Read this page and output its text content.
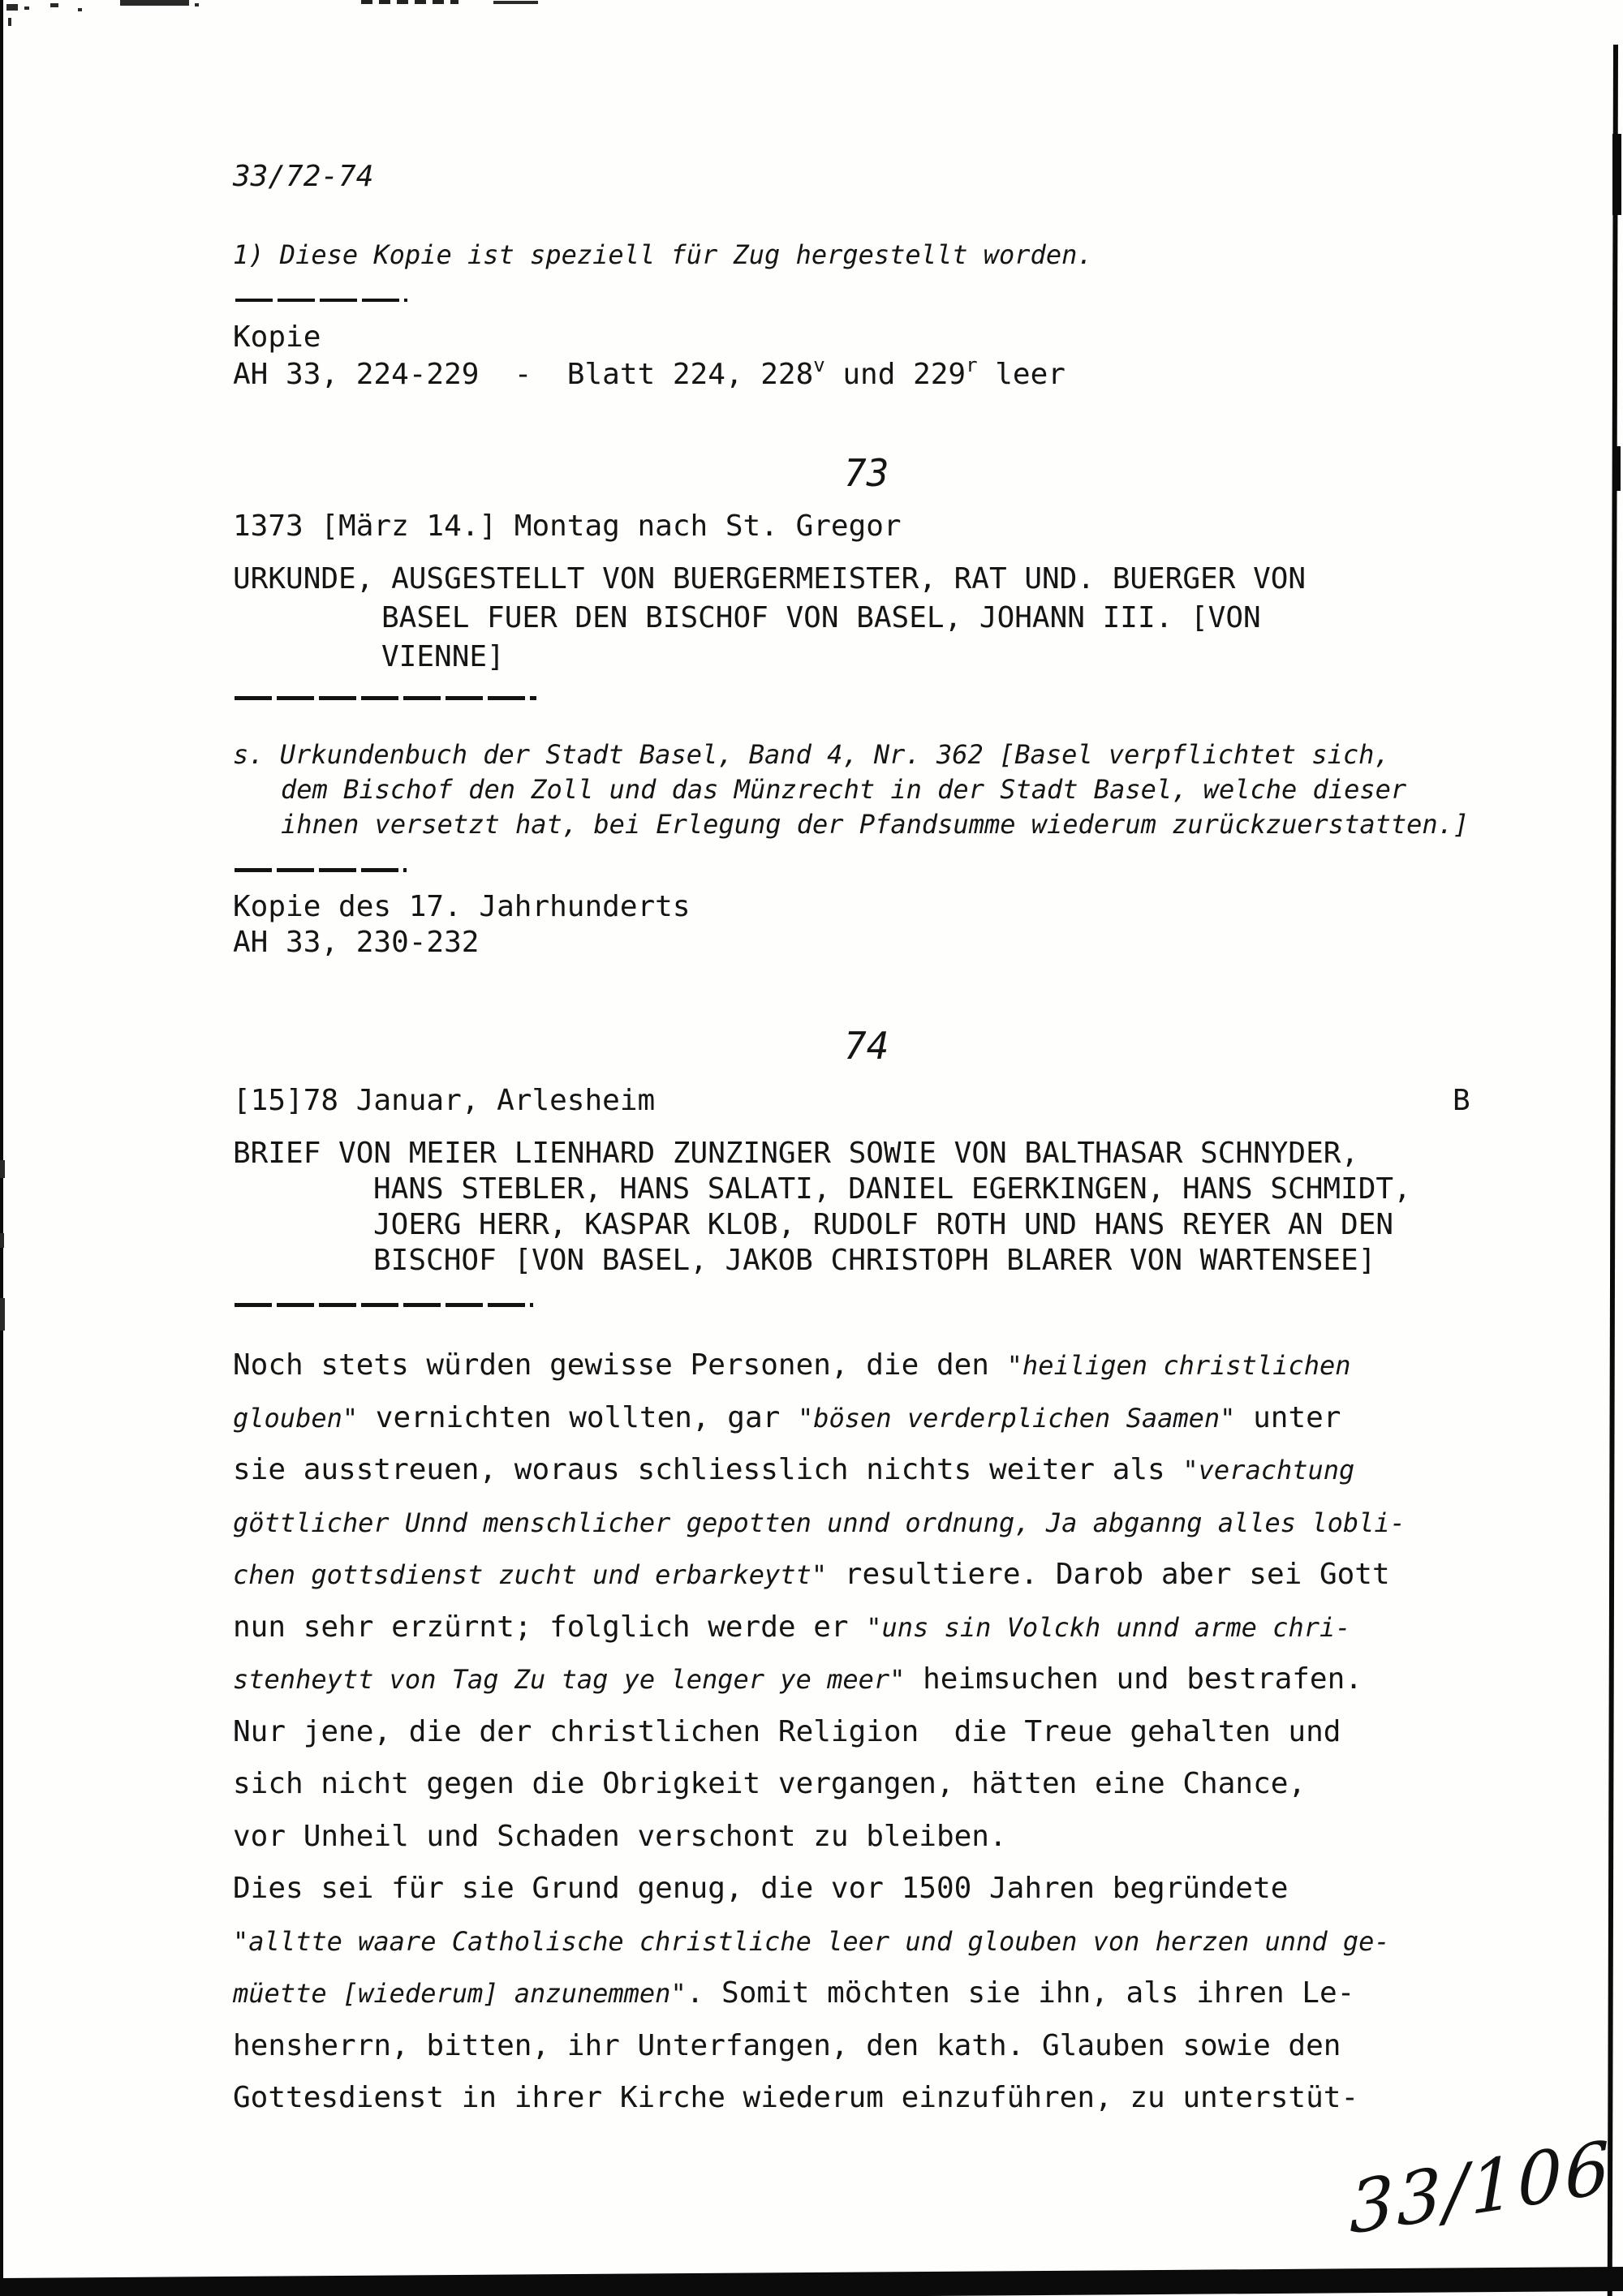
33/72-74
1) Diese Kopie ist speziell für Zug hergestellt worden.
Kopie
AH 33, 224-229  -  Blatt 224, 228$^v$ und 229$^r$ leer
73
1373 [März 14.] Montag nach St. Gregor
URKUNDE, AUSGESTELLT VON BUERGERMEISTER, RAT UND. BUERGER VON
BASEL FUER DEN BISCHOF VON BASEL, JOHANN III. [VON
VIENNE]
s. Urkundenbuch der Stadt Basel, Band 4, Nr. 362 [Basel verpflichtet sich,
dem Bischof den Zoll und das Münzrecht in der Stadt Basel, welche dieser
ihnen versetzt hat, bei Erlegung der Pfandsumme wiederum zurückzuerstatten.]
Kopie des 17. Jahrhunderts
AH 33, 230-232
74
[15]78 Januar, Arlesheim	B
BRIEF VON MEIER LIENHARD ZUNZINGER SOWIE VON BALTHASAR SCHNYDER,
HANS STEBLER, HANS SALATI, DANIEL EGERKINGEN, HANS SCHMIDT,
JOERG HERR, KASPAR KLOB, RUDOLF ROTH UND HANS REYER AN DEN
BISCHOF [VON BASEL, JAKOB CHRISTOPH BLARER VON WARTENSEE]
Noch stets würden gewisse Personen, die den "heiligen christlichen
glouben" vernichten wollten, gar "bösen verderplichen Saamen" unter
sie ausstreuen, woraus schliesslich nichts weiter als "verachtung
göttlicher Unnd menschlicher gepotten unnd ordnung, Ja abganng alles lobli-
chen gottsdienst zucht und erbarkeytt" resultiere. Darob aber sei Gott
nun sehr erzürnt; folglich werde er "uns sin Volckh unnd arme chri-
stenheytt von Tag Zu tag ye lenger ye meer" heimsuchen und bestrafen.
Nur jene, die der christlichen Religion  die Treue gehalten und
sich nicht gegen die Obrigkeit vergangen, hätten eine Chance,
vor Unheil und Schaden verschont zu bleiben.
Dies sei für sie Grund genug, die vor 1500 Jahren begründete
"alltte waare Catholische christliche leer und glouben von herzen unnd ge-
müette [wiederum] anzunemmen". Somit möchten sie ihn, als ihren Le-
hensherrn, bitten, ihr Unterfangen, den kath. Glauben sowie den
Gottesdienst in ihrer Kirche wiederum einzuführen, zu unterstüt-
33/106
